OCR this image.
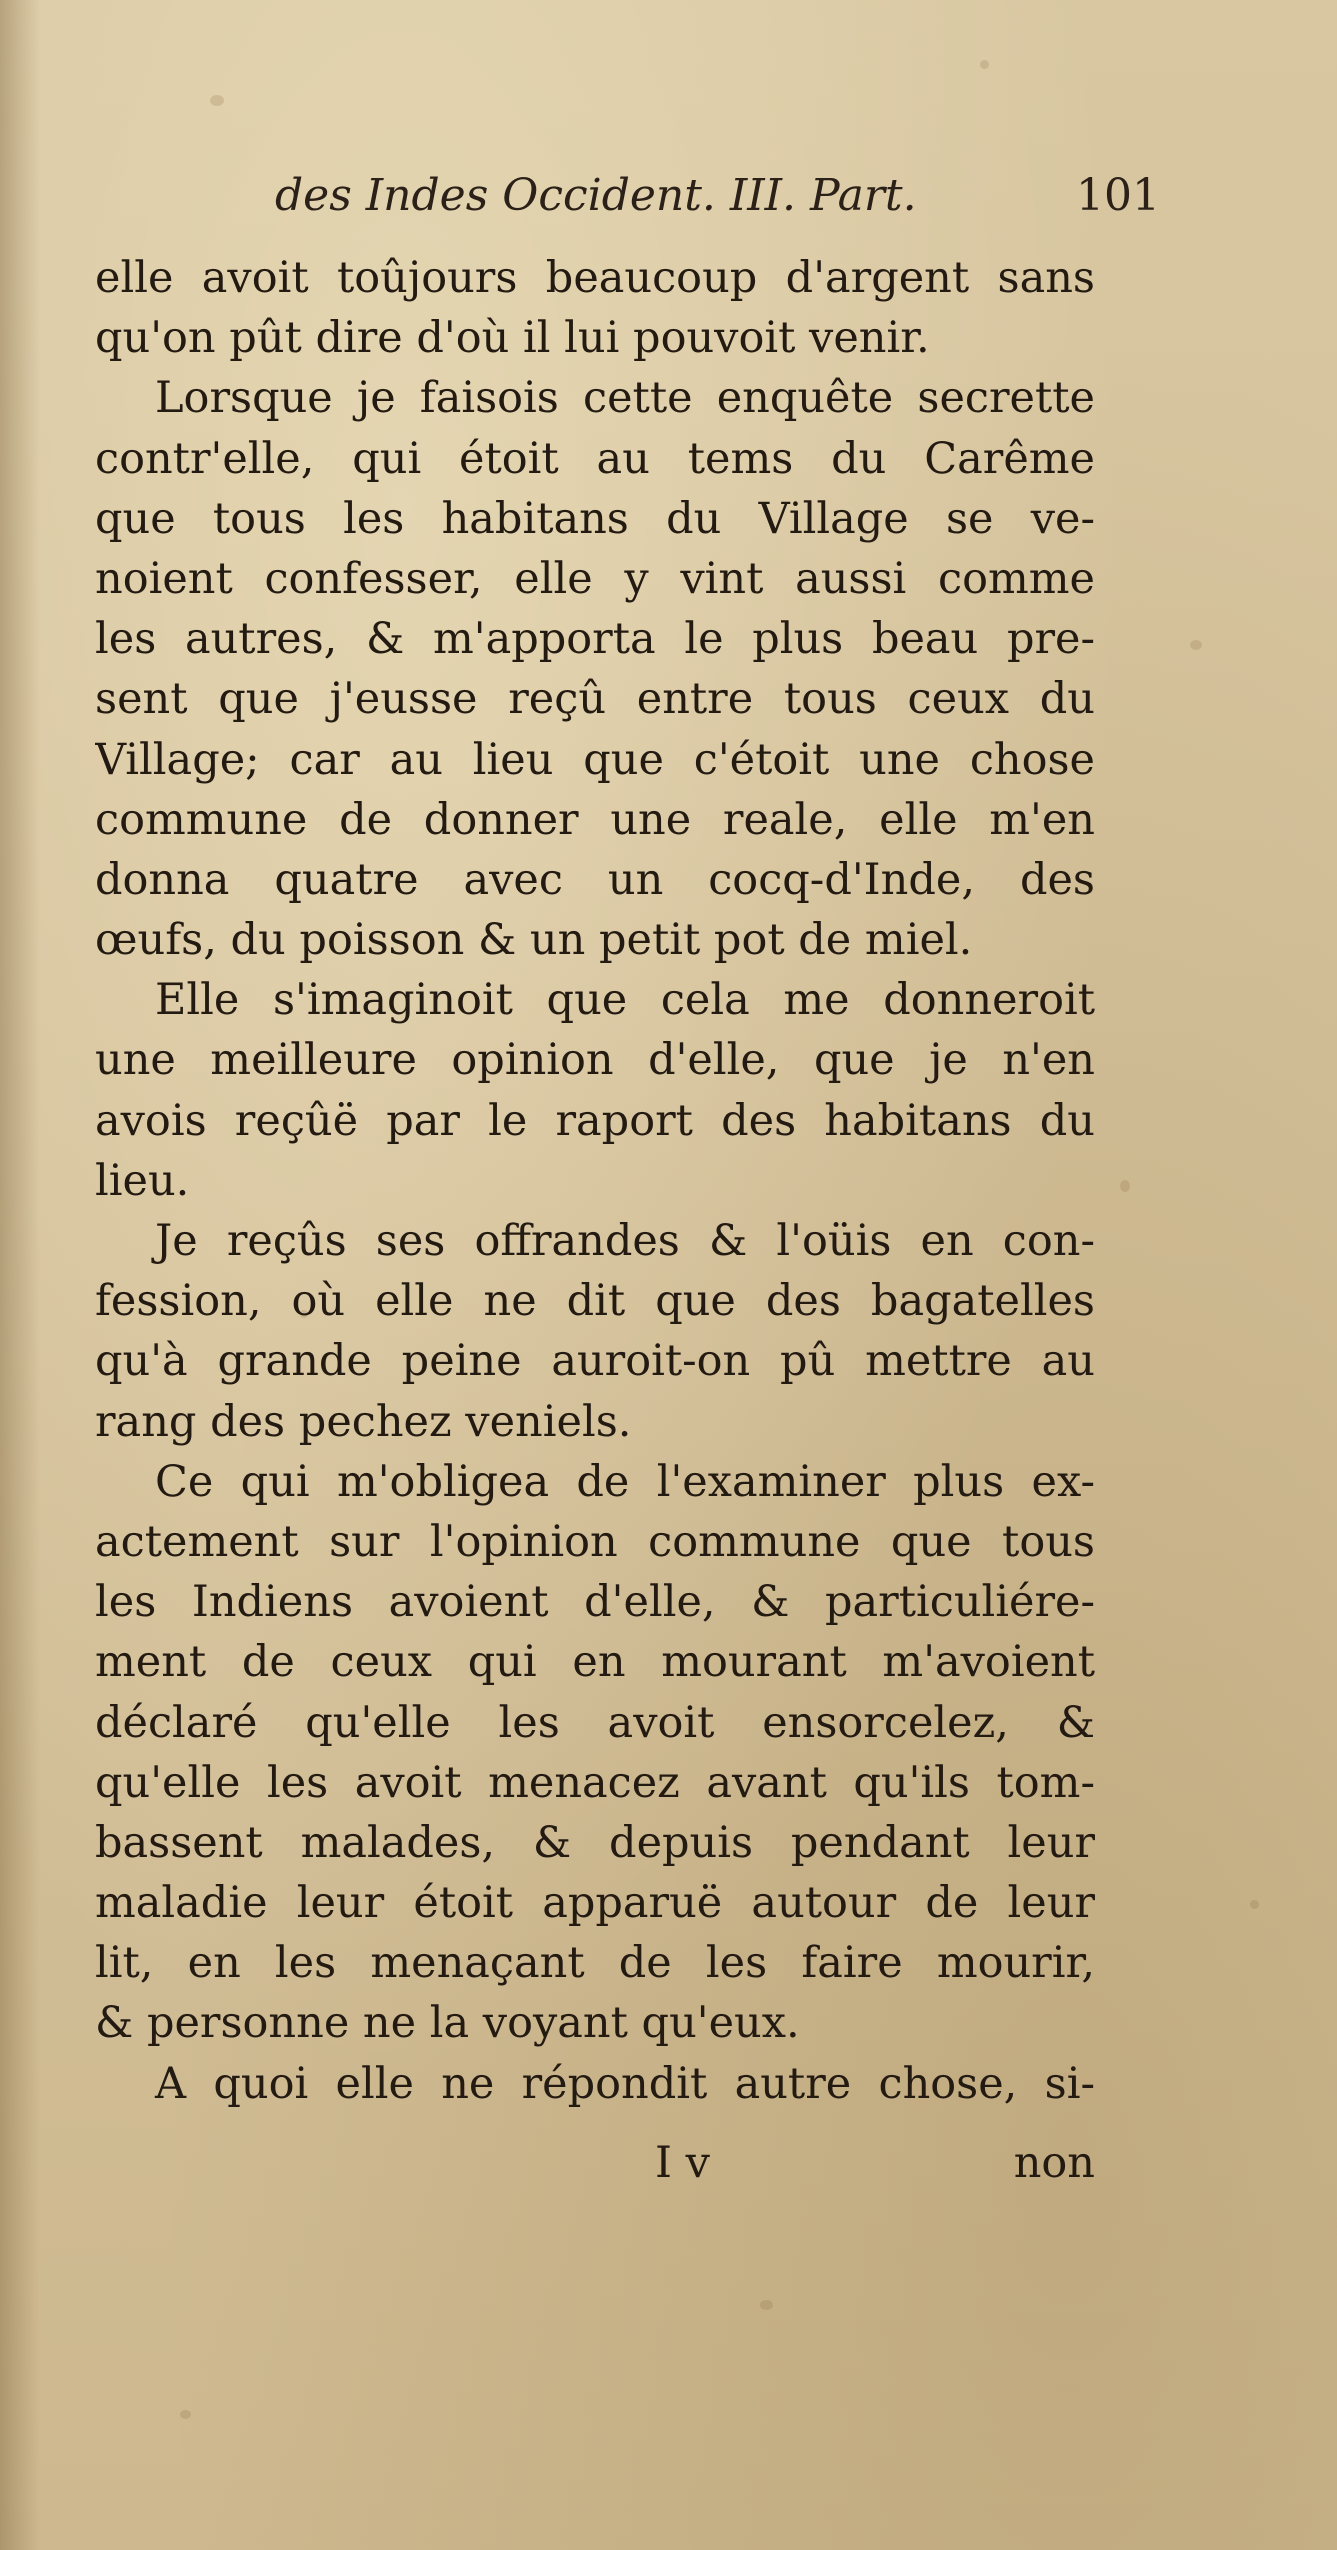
des Indes Occident. III. Part.	101
elle avoit toûjours beaucoup d'argent sans
qu'on pût dire d'où il lui pouvoit venir.
Lorsque je faisois cette enquête secrette
contr'elle, qui étoit au tems du Carême
que tous les habitans du Village se ve-
noient confesser, elle y vint aussi comme
les autres, & m'apporta le plus beau pre-
sent que j'eusse reçû entre tous ceux du
Village; car au lieu que c'étoit une chose
commune de donner une reale, elle m'en
donna quatre avec un cocq-d'Inde, des
œufs, du poisson & un petit pot de miel.
Elle s'imaginoit que cela me donneroit
une meilleure opinion d'elle, que je n'en
avois reçûë par le raport des habitans du
lieu.
Je reçûs ses offrandes & l'oüis en con-
fession, où elle ne dit que des bagatelles
qu'à grande peine auroit-on pû mettre au
rang des pechez veniels.
Ce qui m'obligea de l'examiner plus ex-
actement sur l'opinion commune que tous
les Indiens avoient d'elle, & particuliére-
ment de ceux qui en mourant m'avoient
déclaré qu'elle les avoit ensorcelez, &
qu'elle les avoit menacez avant qu'ils tom-
bassent malades, & depuis pendant leur
maladie leur étoit apparuë autour de leur
lit, en les menaçant de les faire mourir,
& personne ne la voyant qu'eux.
A quoi elle ne répondit autre chose, si-
I v	non
